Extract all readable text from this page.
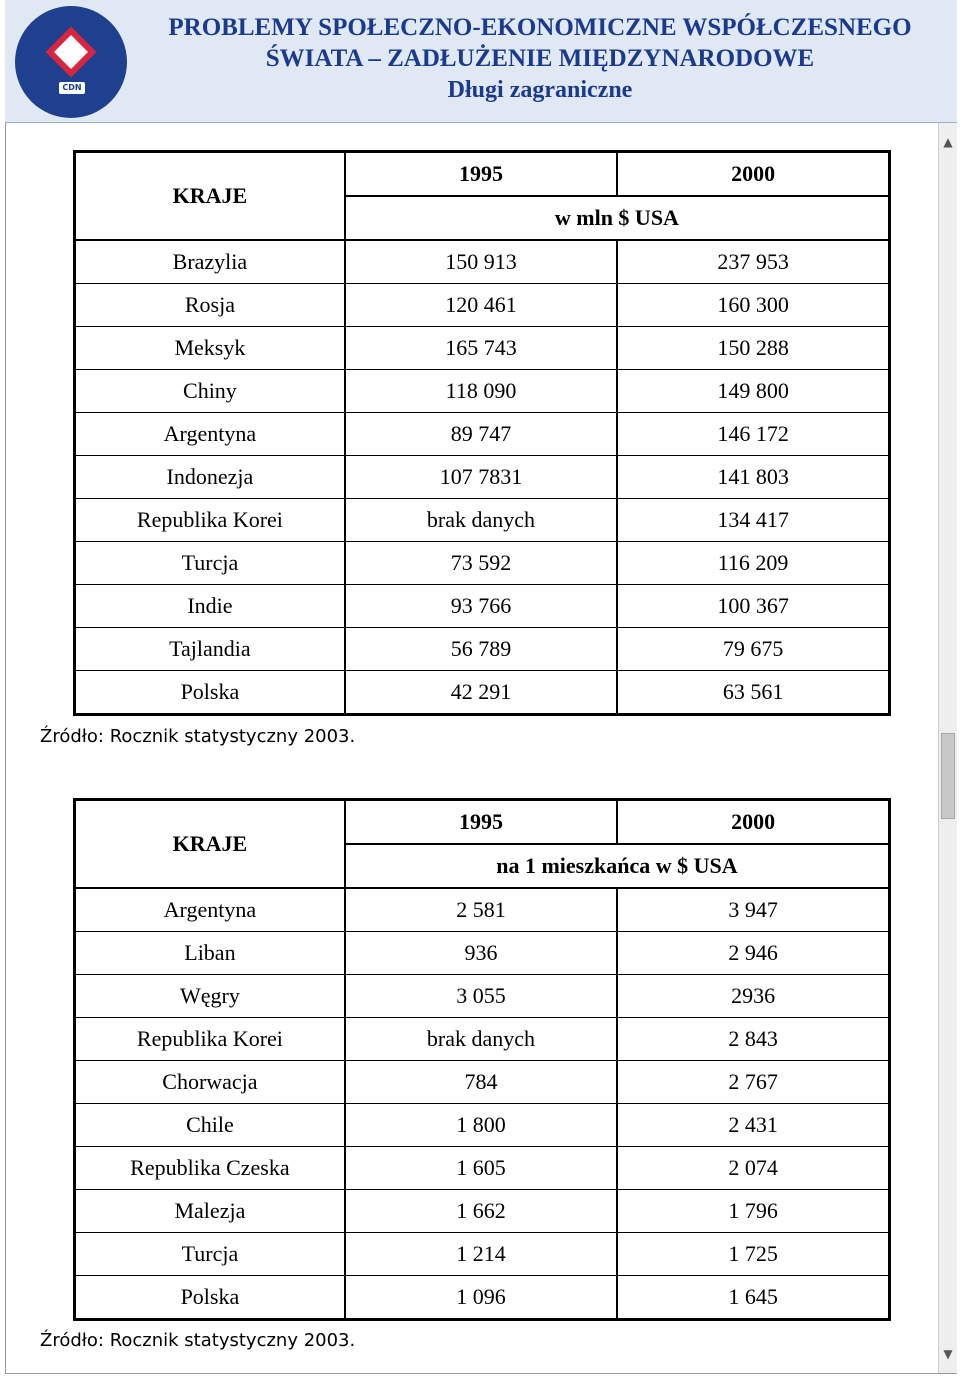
CDN
PROBLEMY SPOŁECZNO-EKONOMICZNE WSPÓŁCZESNEGO
ŚWIATA – ZADŁUŻENIE MIĘDZYNARODOWE
Długi zagraniczne
KRAJE	1995	2000
	w mln $ USA	
Brazylia	150 913	237 953
Rosja	120 461	160 300
Meksyk	165 743	150 288
Chiny	118 090	149 800
Argentyna	89 747	146 172
Indonezja	107 7831	141 803
Republika Korei	brak danych	134 417
Turcja	73 592	116 209
Indie	93 766	100 367
Tajlandia	56 789	79 675
Polska	42 291	63 561
Źródło: Rocznik statystyczny 2003.
KRAJE	1995	2000
	na 1 mieszkańca w $ USA	
Argentyna	2 581	3 947
Liban	936	2 946
Węgry	3 055	2936
Republika Korei	brak danych	2 843
Chorwacja	784	2 767
Chile	1 800	2 431
Republika Czeska	1 605	2 074
Malezja	1 662	1 796
Turcja	1 214	1 725
Polska	1 096	1 645
Źródło: Rocznik statystyczny 2003.
▲
▼
